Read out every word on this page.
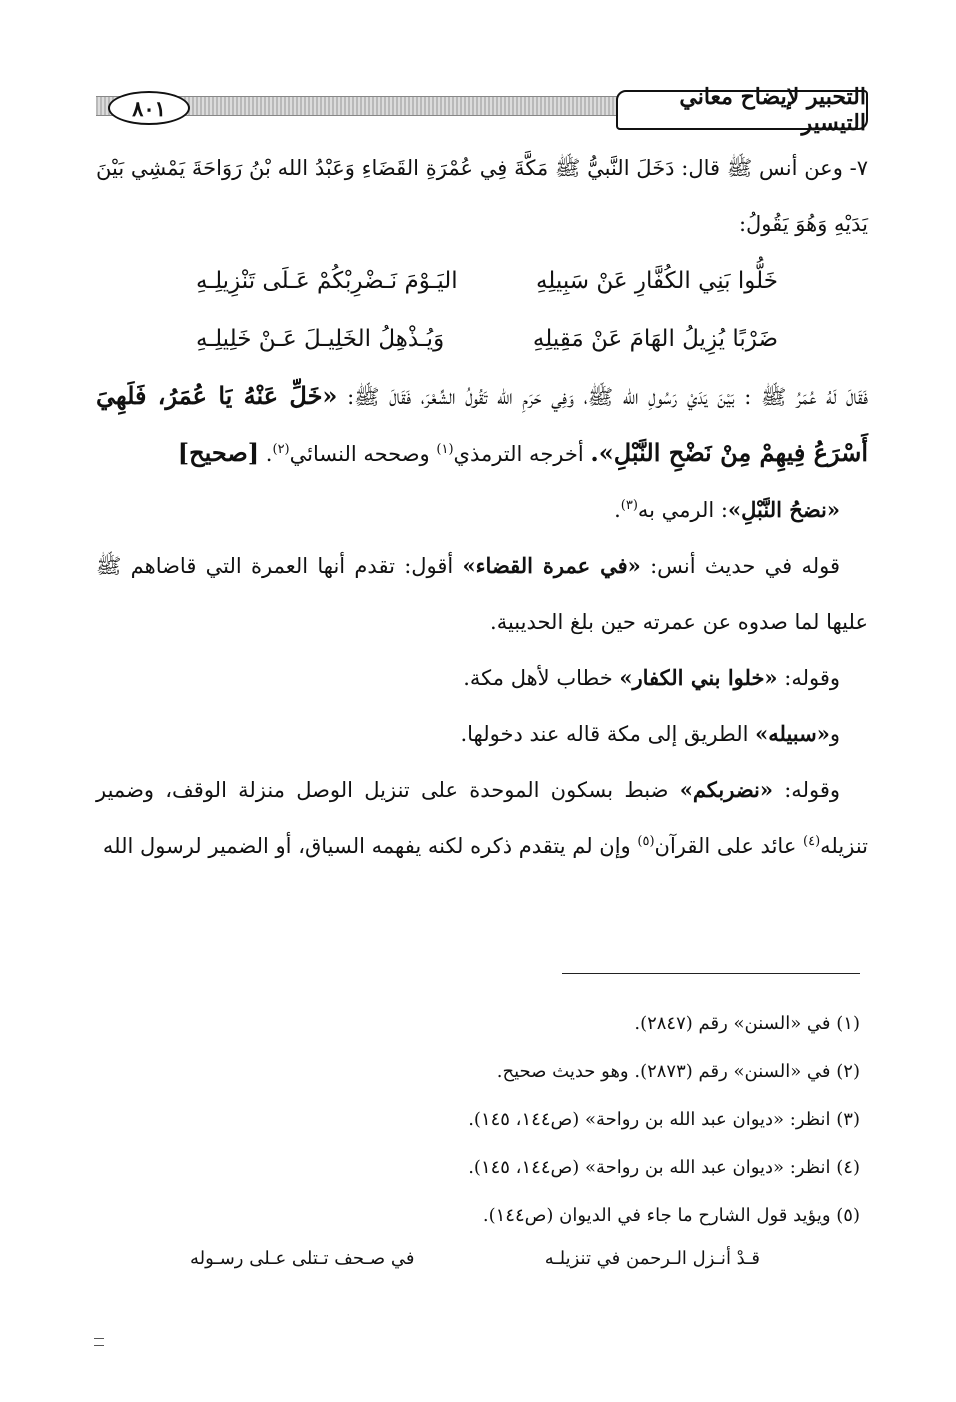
التحبير لإيضاح معاني التيسير
٨٠١

٧- وعن أنس ﷺ قال: دَخَلَ النَّبيُّ ﷺ مَكَّةَ فِي عُمْرَةِ القَضَاءِ وَعَبْدُ الله بْنُ رَوَاحَةَ يَمْشِي بَيْنَ يَدَيْهِ وَهُوَ يَقُولُ:

خَلُّوا بَنِي الكُفَّارِ عَنْ سَبِيلِهِ
اليَـوْمَ نَـضْرِبْكُمْ عَـلَى تَنْزِيلِـهِ
ضَرْبًا يُزِيلُ الهَامَ عَنْ مَقِيلِهِ
وَيُـذْهِلُ الخَلِيـلَ عَـنْ خَلِيلِـهِ

فَقَالَ لَهُ عُمَرُ ﷺ : بَيْنَ يَدَيْ رَسُولِ الله ﷺ، وَفِي حَرَمِ الله تَقُولُ الشِّعْرَ، فَقَالَ ﷺ: «خَلِّ عَنْهُ يَا عُمَرُ، فَلَهِيَ أَسْرَعُ فِيهِمْ مِنْ نَضْحِ النَّبْلِ». أخرجه الترمذي$^{(١)}$ وصححه النسائي$^{(٢)}$. [صحيح]

«نضحُ النَّبْلِ»: الرمي به$^{(٣)}$.

قوله في حديث أنس: «في عمرة القضاء» أقول: تقدم أنها العمرة التي قاضاهم ﷺ عليها لما صدوه عن عمرته حين بلغ الحديبية.

وقوله: «خلوا بني الكفار» خطاب لأهل مكة.

و«سبيله» الطريق إلى مكة قاله عند دخولها.

وقوله: «نضربكم» ضبط بسكون الموحدة على تنزيل الوصل منزلة الوقف، وضمير تنزيله$^{(٤)}$ عائد على القرآن$^{(٥)}$ وإن لم يتقدم ذكره لكنه يفهمه السياق، أو الضمير لرسول الله

(١) في «السنن» رقم (٢٨٤٧).

(٢) في «السنن» رقم (٢٨٧٣). وهو حديث صحيح.

(٣) انظر: «ديوان عبد الله بن رواحة» (ص١٤٤، ١٤٥).

(٤) انظر: «ديوان عبد الله بن رواحة» (ص١٤٤، ١٤٥).

(٥) ويؤيد قول الشارح ما جاء في الديوان (ص١٤٤).

قـدْ أنـزل الـرحمن في تنزيلـه
في صـحف تـتلى عـلى رسـوله
